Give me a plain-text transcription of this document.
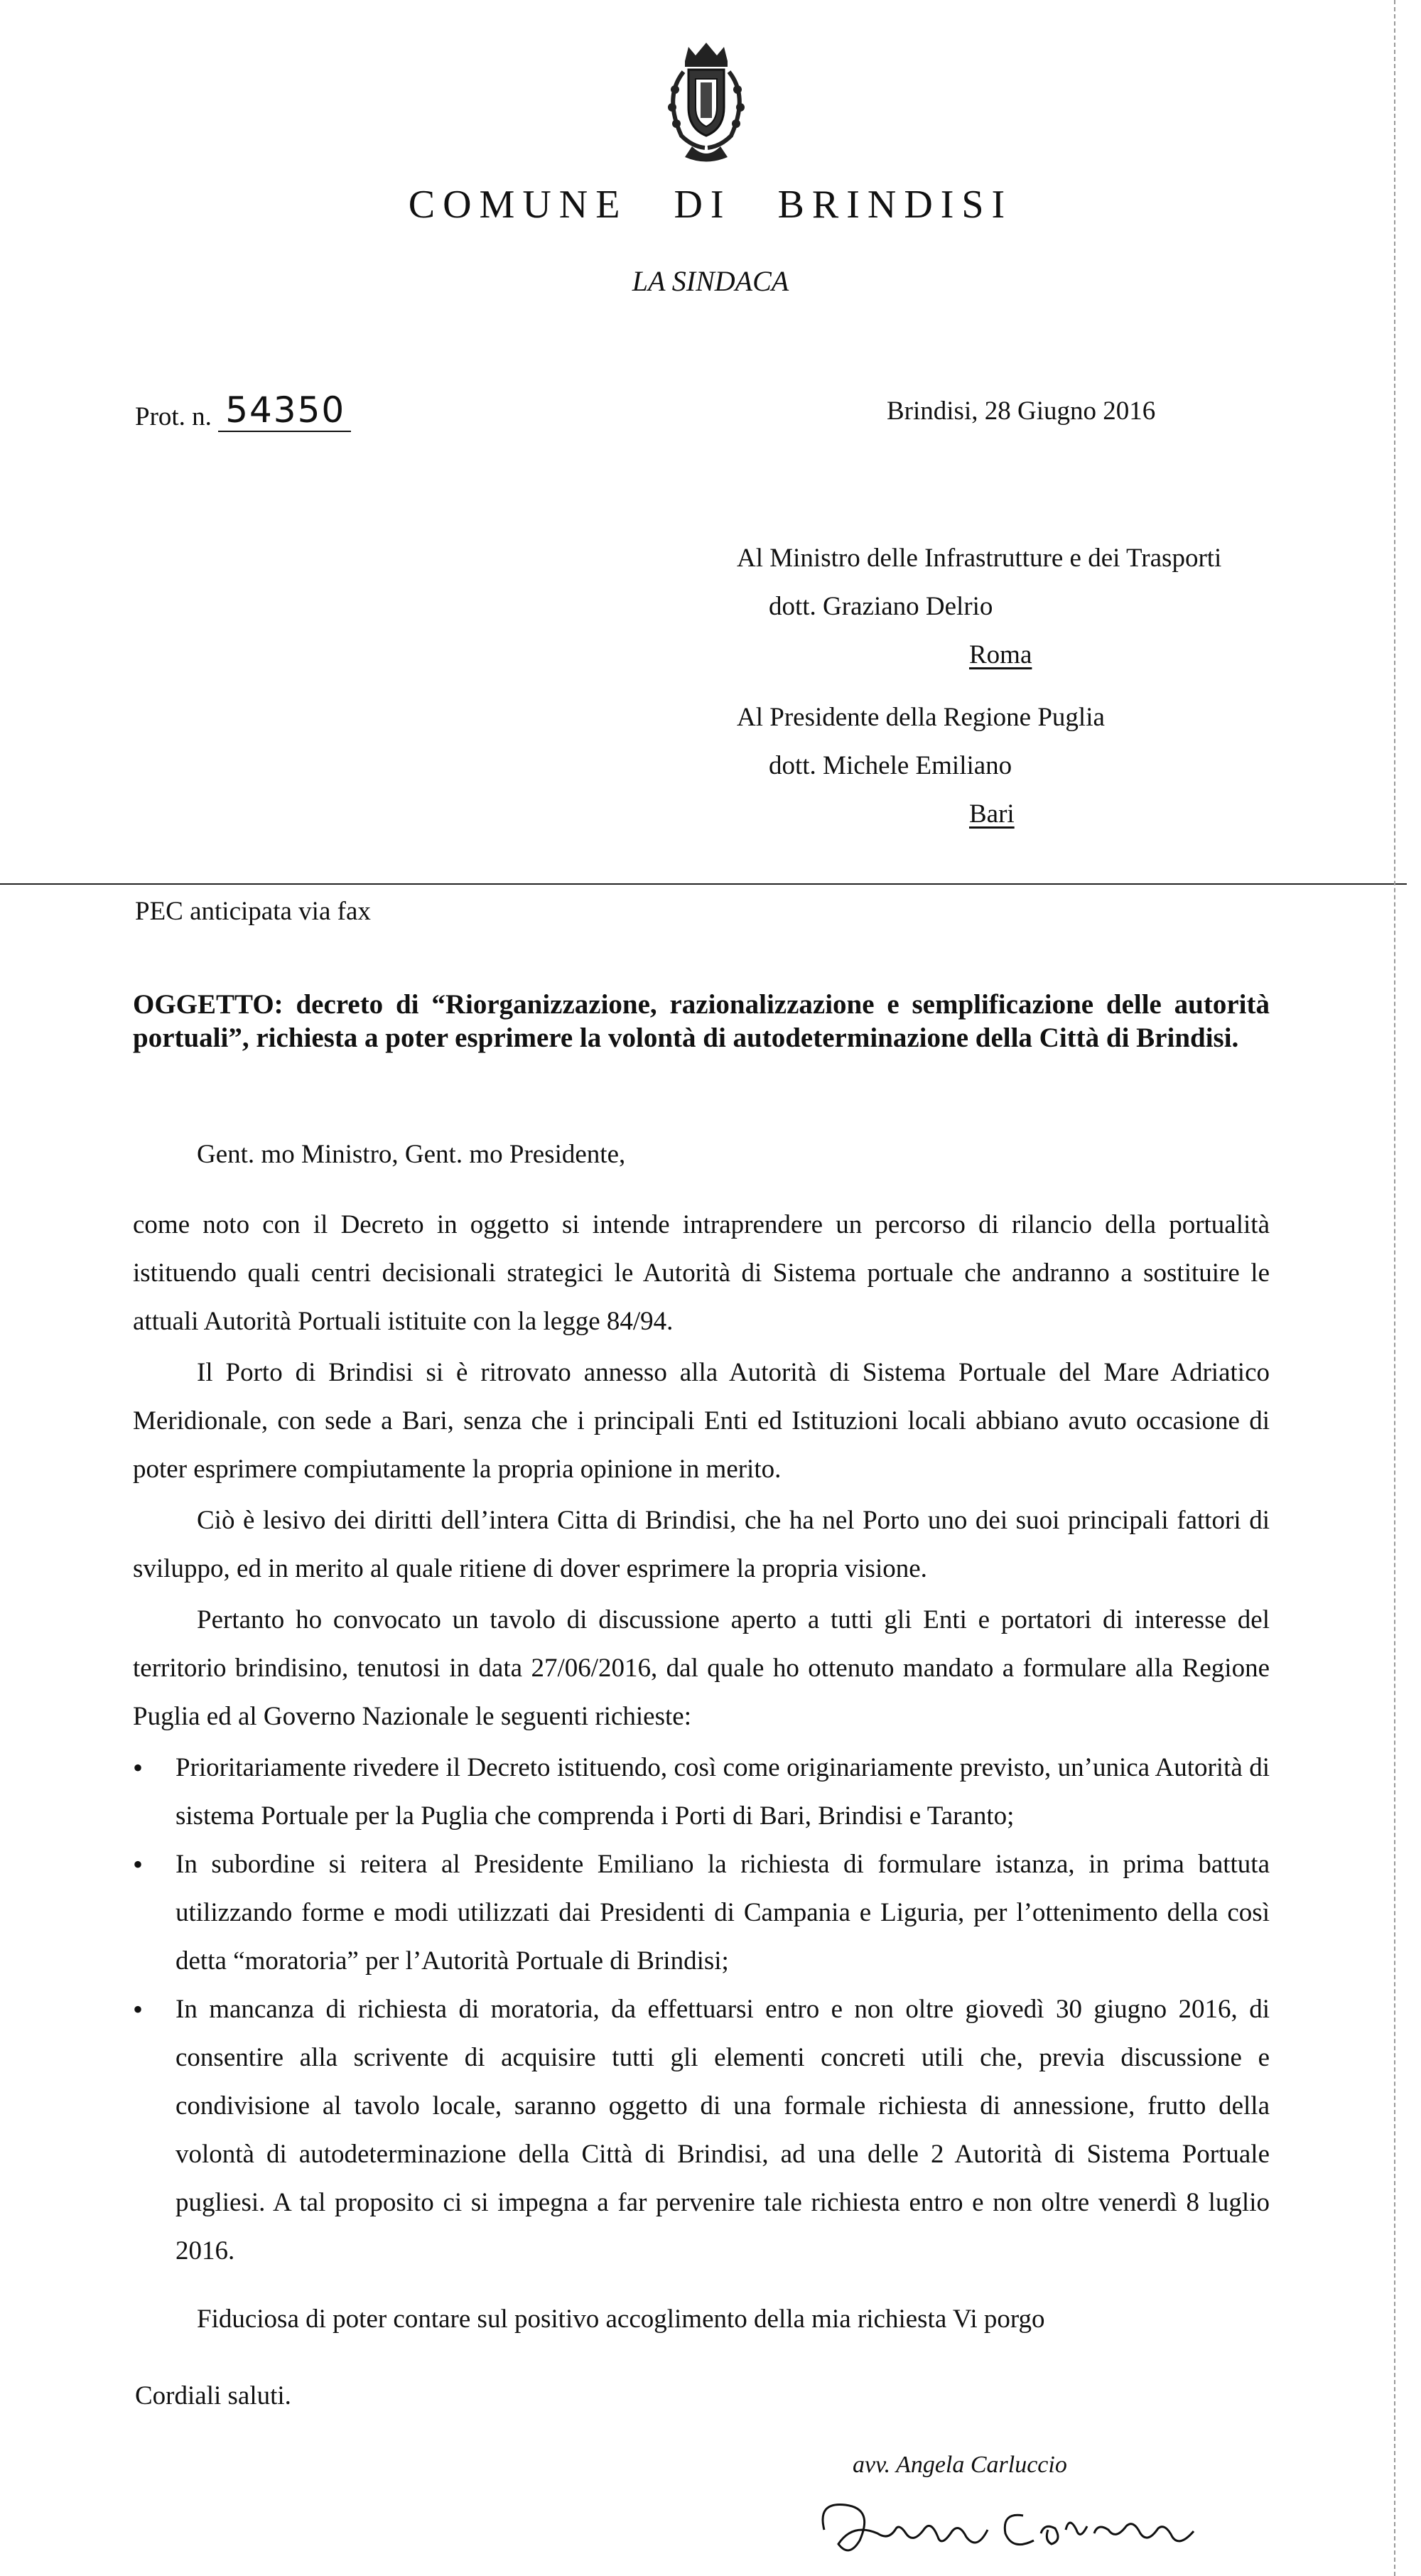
COMUNE DI BRINDISI
LA SINDACA
Prot. n. 54350	Brindisi, 28 Giugno 2016
Al Ministro delle Infrastrutture e dei Trasporti
dott. Graziano Delrio
Roma
Al Presidente della Regione Puglia
dott. Michele Emiliano
Bari
PEC anticipata via fax
OGGETTO: decreto di “Riorganizzazione, razionalizzazione e semplificazione delle autorità portuali”, richiesta a poter esprimere la volontà di autodeterminazione della Città di Brindisi.
Gent. mo Ministro, Gent. mo Presidente,
come noto con il Decreto in oggetto si intende intraprendere un percorso di rilancio della portualità istituendo quali centri decisionali strategici le Autorità di Sistema portuale che andranno a sostituire le attuali Autorità Portuali istituite con la legge 84/94.
Il Porto di Brindisi si è ritrovato annesso alla Autorità di Sistema Portuale del Mare Adriatico Meridionale, con sede a Bari, senza che i principali Enti ed Istituzioni locali abbiano avuto occasione di poter esprimere compiutamente la propria opinione in merito.
Ciò è lesivo dei diritti dell’intera Citta di Brindisi, che ha nel Porto uno dei suoi principali fattori di sviluppo, ed in merito al quale ritiene di dover esprimere la propria visione.
Pertanto ho convocato un tavolo di discussione aperto a tutti gli Enti e portatori di interesse del territorio brindisino, tenutosi in data 27/06/2016, dal quale ho ottenuto mandato a formulare alla Regione Puglia ed al Governo Nazionale le seguenti richieste:
• Prioritariamente rivedere il Decreto istituendo, così come originariamente previsto, un’unica Autorità di sistema Portuale per la Puglia che comprenda i Porti di Bari, Brindisi e Taranto;
• In subordine si reitera al Presidente Emiliano la richiesta di formulare istanza, in prima battuta utilizzando forme e modi utilizzati dai Presidenti di Campania e Liguria, per l’ottenimento della così detta “moratoria” per l’Autorità Portuale di Brindisi;
• In mancanza di richiesta di moratoria, da effettuarsi entro e non oltre giovedì 30 giugno 2016, di consentire alla scrivente di acquisire tutti gli elementi concreti utili che, previa discussione e condivisione al tavolo locale, saranno oggetto di una formale richiesta di annessione, frutto della volontà di autodeterminazione della Città di Brindisi, ad una delle 2 Autorità di Sistema Portuale pugliesi. A tal proposito ci si impegna a far pervenire tale richiesta entro e non oltre venerdì 8 luglio 2016.
Fiduciosa di poter contare sul positivo accoglimento della mia richiesta Vi porgo
Cordiali saluti.
avv. Angela Carluccio
